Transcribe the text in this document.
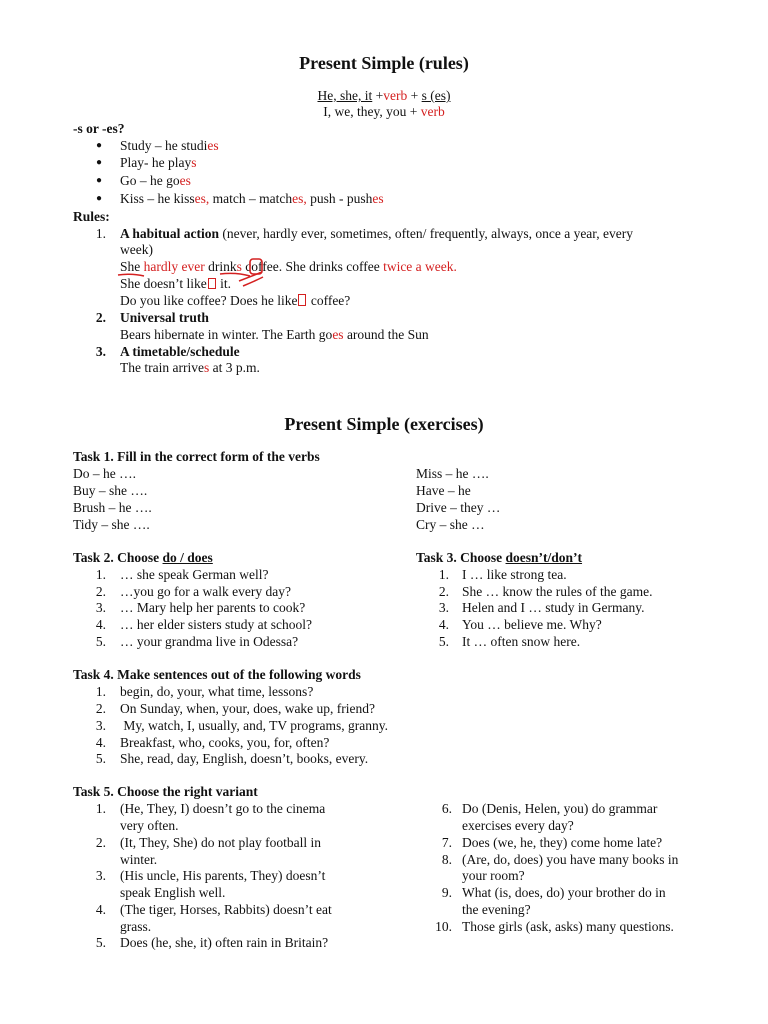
Present Simple (rules)
He, she, it +verb + s (es)
I, we, they, you + verb
-s or -es?
● Study – he studies
● Play- he plays
● Go – he goes
● Kiss – he kisses, match – matches, push - pushes
Rules:
1. A habitual action (never, hardly ever, sometimes, often/ frequently, always, once a year, every
week)
She hardly ever drinks coffee. She drinks coffee twice a week.
She doesn’t like it.
Do you like coffee? Does he like coffee?
2. Universal truth
Bears hibernate in winter. The Earth goes around the Sun
3. A timetable/schedule
The train arrives at 3 p.m.
Present Simple (exercises)
Task 1. Fill in the correct form of the verbs
Do – he ….
Buy – she ….
Brush – he ….
Tidy – she ….
Miss – he ….
Have – he
Drive – they …
Cry – she …
Task 2. Choose do / does
1. … she speak German well?
2. …you go for a walk every day?
3. … Mary help her parents to cook?
4. … her elder sisters study at school?
5. … your grandma live in Odessa?
Task 3. Choose doesn’t/don’t
1. I … like strong tea.
2. She … know the rules of the game.
3. Helen and I … study in Germany.
4. You … believe me. Why?
5. It … often snow here.
Task 4. Make sentences out of the following words
1. begin, do, your, what time, lessons?
2. On Sunday, when, your, does, wake up, friend?
3. My, watch, I, usually, and, TV programs, granny.
4. Breakfast, who, cooks, you, for, often?
5. She, read, day, English, doesn’t, books, every.
Task 5. Choose the right variant
1. (He, They, I) doesn’t go to the cinema
very often.
2. (It, They, She) do not play football in
winter.
3. (His uncle, His parents, They) doesn’t
speak English well.
4. (The tiger, Horses, Rabbits) doesn’t eat
grass.
5. Does (he, she, it) often rain in Britain?
6. Do (Denis, Helen, you) do grammar
exercises every day?
7. Does (we, he, they) come home late?
8. (Are, do, does) you have many books in
your room?
9. What (is, does, do) your brother do in
the evening?
10. Those girls (ask, asks) many questions.
